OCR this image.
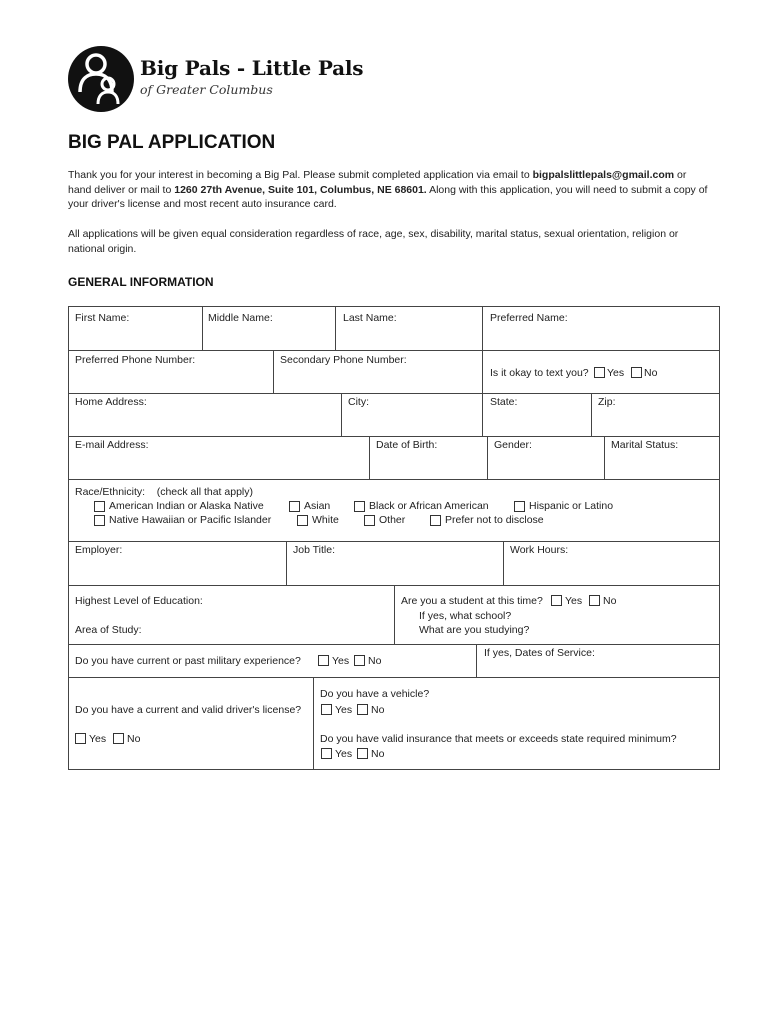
Big Pals - Little Pals
of Greater Columbus
BIG PAL APPLICATION

Thank you for your interest in becoming a Big Pal. Please submit completed application via email to bigpalslittlepals@gmail.com or hand deliver or mail to 1260 27th Avenue, Suite 101, Columbus, NE 68601. Along with this application, you will need to submit a copy of your driver's license and most recent auto insurance card.

All applications will be given equal consideration regardless of race, age, sex, disability, marital status, sexual orientation, religion or national origin.

GENERAL INFORMATION
First Name:	Middle Name:	Last Name:	Preferred Name:
Preferred Phone Number:	Secondary Phone Number:
Is it okay to text you? Yes No
Home Address:	City:	State:	Zip:
E-mail Address:	Date of Birth:	Gender:	Marital Status:
Race/Ethnicity:    (check all that apply)
American Indian or Alaska Native	Asian	Black or African American	Hispanic or Latino
Native Hawaiian or Pacific Islander	White	Other	Prefer not to disclose
Employer:	Job Title:	Work Hours:
Highest Level of Education:
Area of Study:
Are you a student at this time? Yes No
If yes, what school?
What are you studying?
Do you have current or past military experience?	Yes No
If yes, Dates of Service:
Do you have a current and valid driver's license?
Yes No
Do you have a vehicle?
Yes No
Do you have valid insurance that meets or exceeds state required minimum?
Yes No
